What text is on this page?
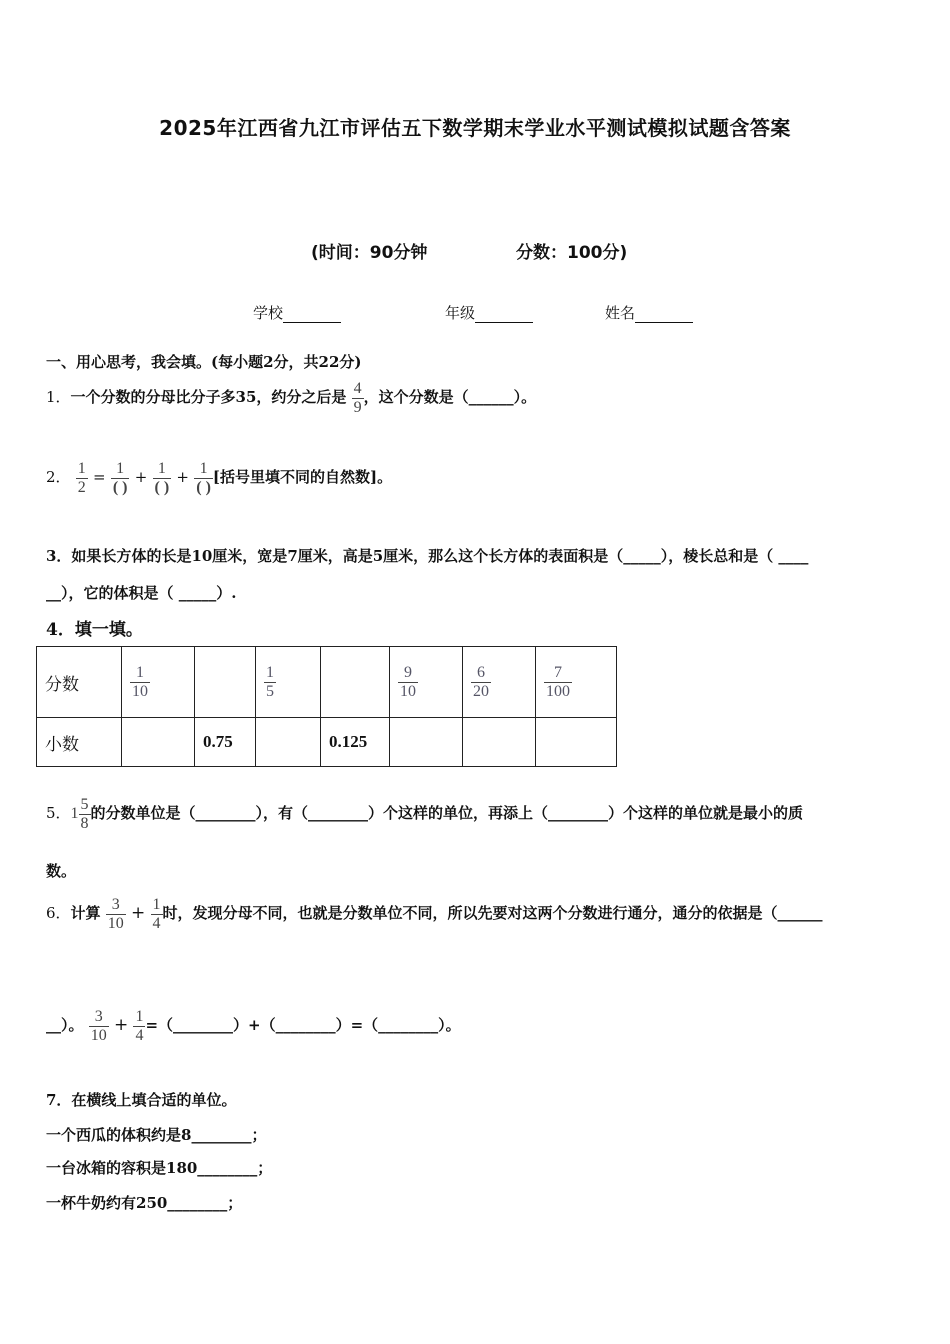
2025年江西省九江市评估五下数学期末学业水平测试模拟试题含答案
(时间：90分钟	分数：100分)
学校	年级	姓名
一、用心思考，我会填。(每小题2分，共22分)
1．一个分数的分母比分子多35，约分之后是 $\frac{4}{9}$ ，这个分数是（______）。
2． $\frac{1}{2} = \frac{1}{( )} + \frac{1}{( )} + \frac{1}{( )}$ [括号里填不同的自然数]。
3．如果长方体的长是10厘米，宽是7厘米，高是5厘米，那么这个长方体的表面积是（_____），棱长总和是（ ____
__），它的体积是（ _____）.
4．填一填。
分数	$\frac{1}{10}$		$\frac{1}{5}$		$\frac{9}{10}$	$\frac{6}{20}$	$\frac{7}{100}$

小数		0.75		0.125			
5．$1 \frac{5}{8}$ 的分数单位是（________），有（________）个这样的单位，再添上（________）个这样的单位就是最小的质
数。
6．计算 $\frac{3}{10} + \frac{1}{4}$ 时，发现分母不同，也就是分数单位不同，所以先要对这两个分数进行通分，通分的依据是（______
__）。 $\frac{3}{10} + \frac{1}{4}$ =（________）+（________）=（________）。
7．在横线上填合适的单位。
一个西瓜的体积约是8________；
一台冰箱的容积是180________；
一杯牛奶约有250________；
